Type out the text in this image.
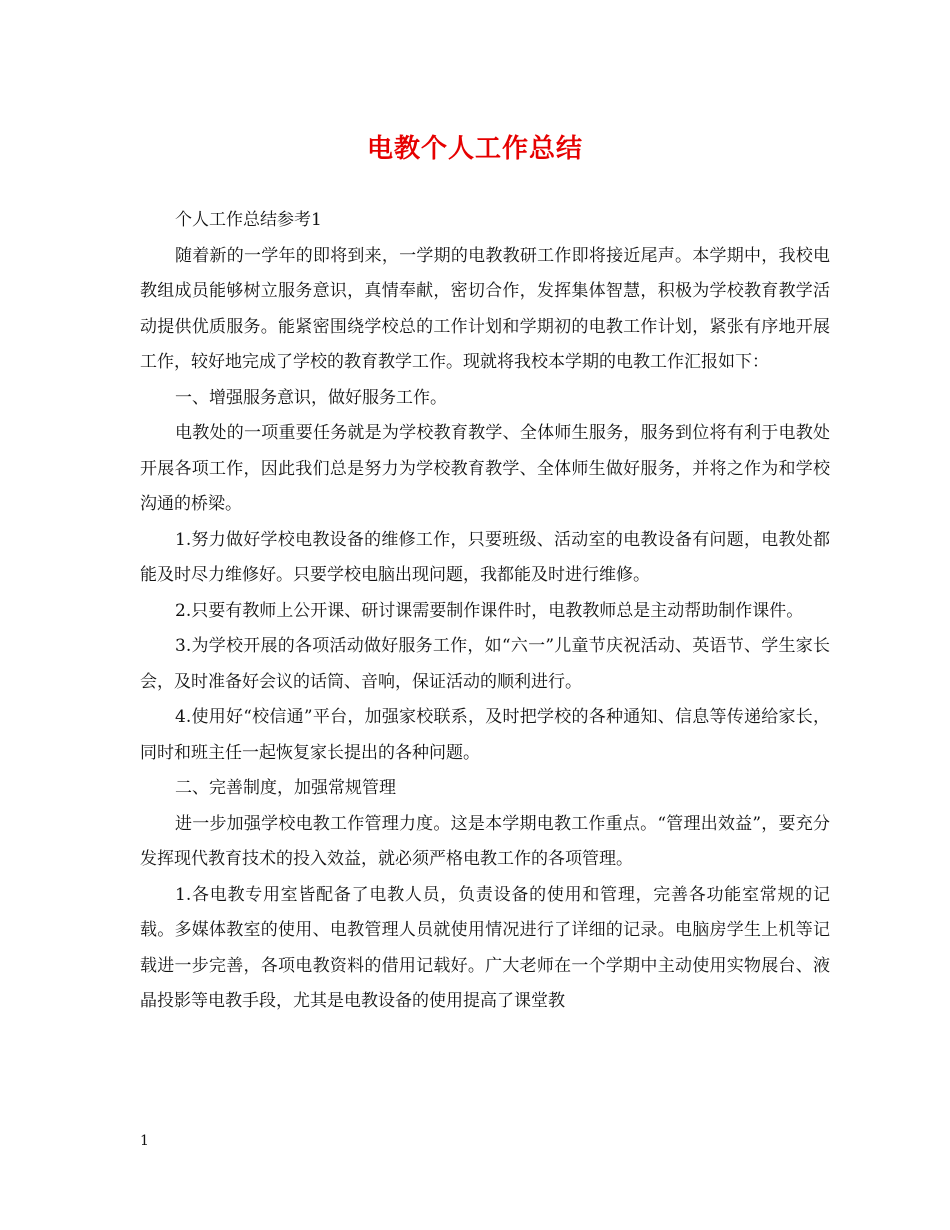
电教个人工作总结

个人工作总结参考1

随着新的一学年的即将到来，一学期的电教教研工作即将接近尾声。本学期中，我校电教组成员能够树立服务意识，真情奉献，密切合作，发挥集体智慧，积极为学校教育教学活动提供优质服务。能紧密围绕学校总的工作计划和学期初的电教工作计划，紧张有序地开展工作，较好地完成了学校的教育教学工作。现就将我校本学期的电教工作汇报如下：

一、增强服务意识，做好服务工作。

电教处的一项重要任务就是为学校教育教学、全体师生服务，服务到位将有利于电教处开展各项工作，因此我们总是努力为学校教育教学、全体师生做好服务，并将之作为和学校沟通的桥梁。

1.努力做好学校电教设备的维修工作，只要班级、活动室的电教设备有问题，电教处都能及时尽力维修好。只要学校电脑出现问题，我都能及时进行维修。

2.只要有教师上公开课、研讨课需要制作课件时，电教教师总是主动帮助制作课件。

3.为学校开展的各项活动做好服务工作，如“六一”儿童节庆祝活动、英语节、学生家长会，及时准备好会议的话筒、音响，保证活动的顺利进行。

4.使用好“校信通”平台，加强家校联系，及时把学校的各种通知、信息等传递给家长，同时和班主任一起恢复家长提出的各种问题。

二、完善制度，加强常规管理

进一步加强学校电教工作管理力度。这是本学期电教工作重点。“管理出效益”，要充分发挥现代教育技术的投入效益，就必须严格电教工作的各项管理。

1.各电教专用室皆配备了电教人员，负责设备的使用和管理，完善各功能室常规的记载。多媒体教室的使用、电教管理人员就使用情况进行了详细的记录。电脑房学生上机等记载进一步完善，各项电教资料的借用记载好。广大老师在一个学期中主动使用实物展台、液晶投影等电教手段，尤其是电教设备的使用提高了课堂教

1
